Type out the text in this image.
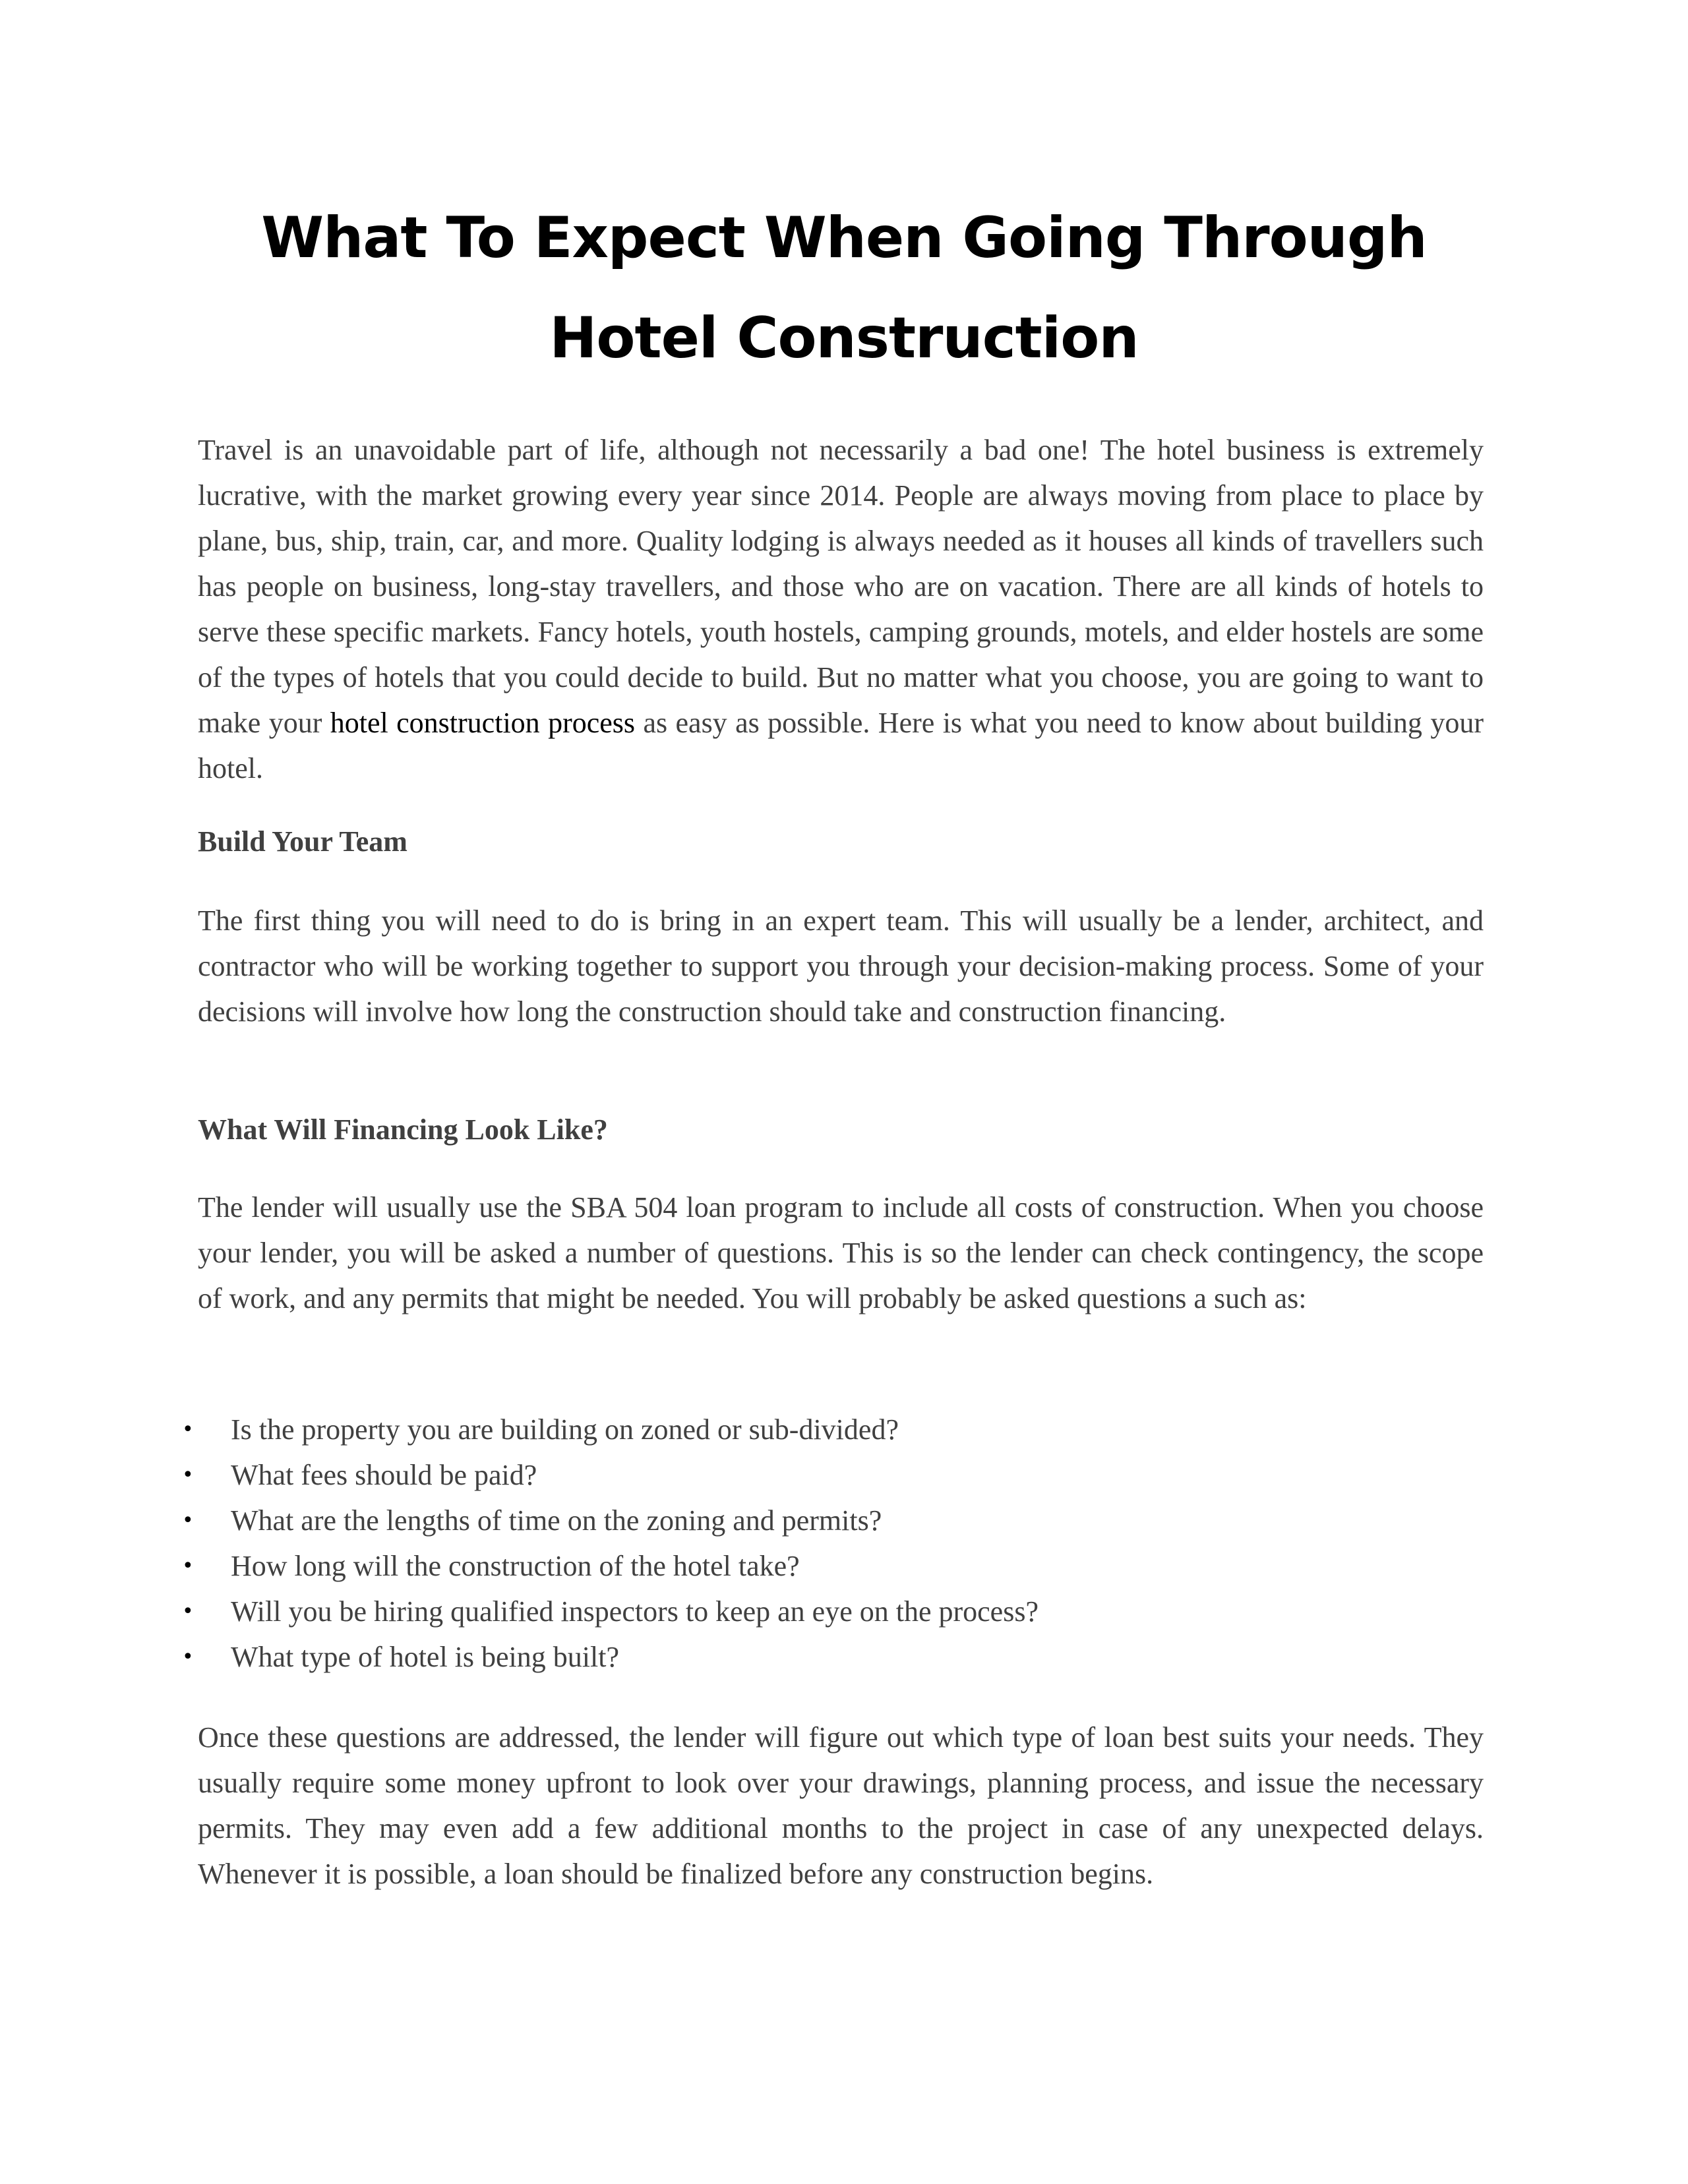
What To Expect When Going Through
Hotel Construction

Travel is an unavoidable part of life, although not necessarily a bad one! The hotel business is extremely lucrative, with the market growing every year since 2014. People are always moving from place to place by plane, bus, ship, train, car, and more. Quality lodging is always needed as it houses all kinds of travellers such has people on business, long-stay travellers, and those who are on vacation. There are all kinds of hotels to serve these specific markets. Fancy hotels, youth hostels, camping grounds, motels, and elder hostels are some of the types of hotels that you could decide to build. But no matter what you choose, you are going to want to make your hotel construction process as easy as possible. Here is what you need to know about building your hotel.

Build Your Team

The first thing you will need to do is bring in an expert team. This will usually be a lender, architect, and contractor who will be working together to support you through your decision-making process. Some of your decisions will involve how long the construction should take and construction financing.

What Will Financing Look Like?

The lender will usually use the SBA 504 loan program to include all costs of construction. When you choose your lender, you will be asked a number of questions. This is so the lender can check contingency, the scope of work, and any permits that might be needed. You will probably be asked questions a such as:

• Is the property you are building on zoned or sub-divided?
• What fees should be paid?
• What are the lengths of time on the zoning and permits?
• How long will the construction of the hotel take?
• Will you be hiring qualified inspectors to keep an eye on the process?
• What type of hotel is being built?

Once these questions are addressed, the lender will figure out which type of loan best suits your needs. They usually require some money upfront to look over your drawings, planning process, and issue the necessary permits. They may even add a few additional months to the project in case of any unexpected delays. Whenever it is possible, a loan should be finalized before any construction begins.
